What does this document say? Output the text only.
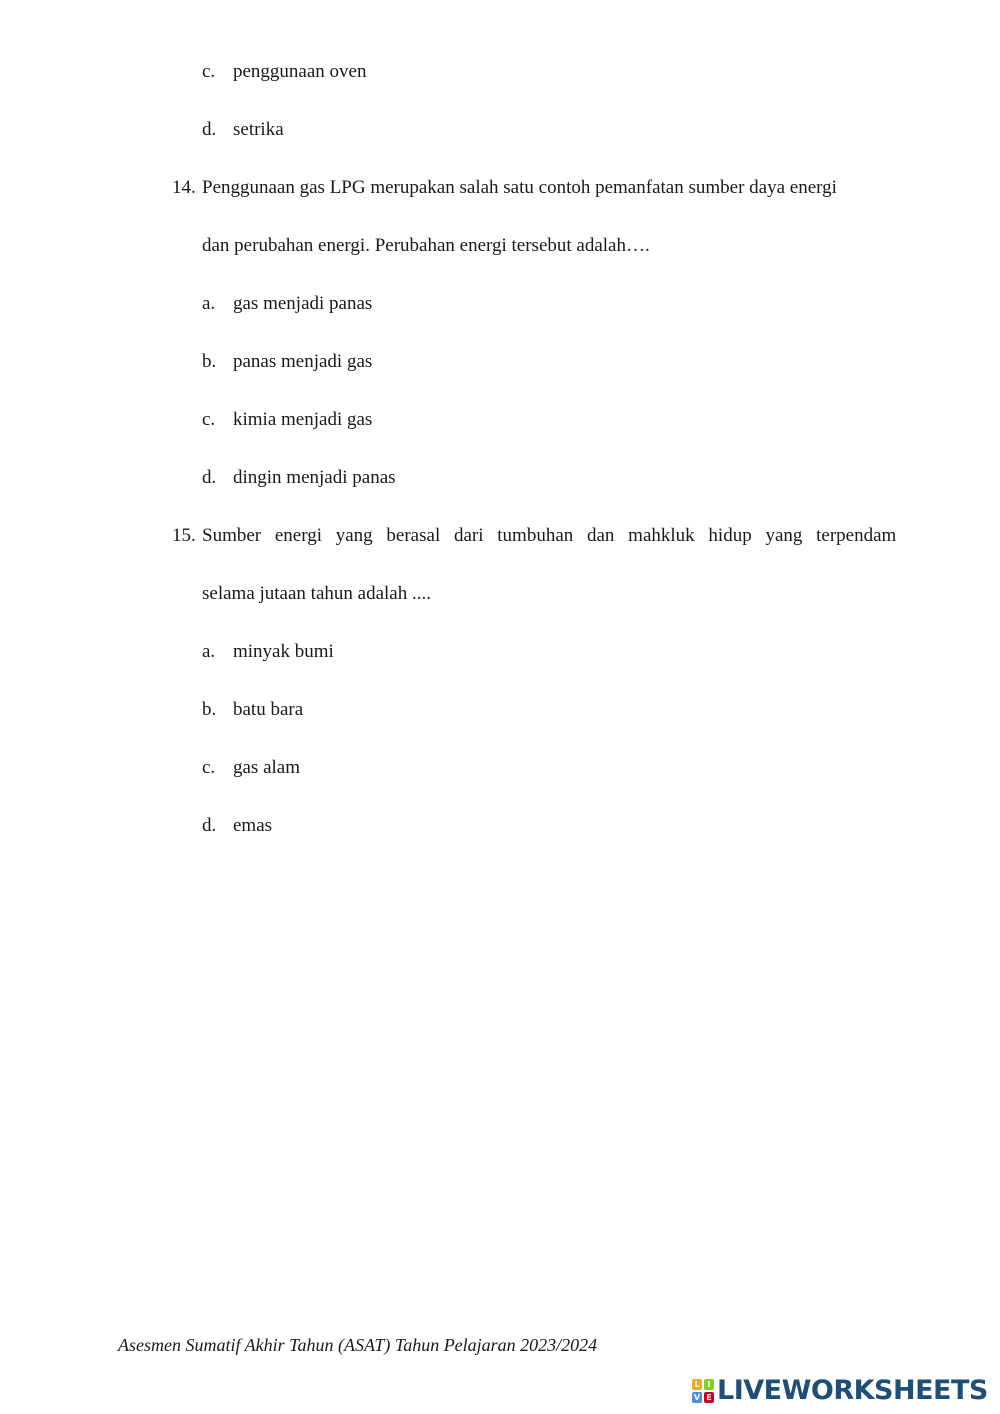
c. penggunaan oven
d. setrika
14. Penggunaan gas LPG merupakan salah satu contoh pemanfatan sumber daya energi
dan perubahan energi. Perubahan energi tersebut adalah….
a. gas menjadi panas
b. panas menjadi gas
c. kimia menjadi gas
d. dingin menjadi panas
15. Sumber energi yang berasal dari tumbuhan dan mahkluk hidup yang terpendam
selama jutaan tahun adalah ....
a. minyak bumi
b. batu bara
c. gas alam
d. emas
Asesmen Sumatif Akhir Tahun (ASAT) Tahun Pelajaran 2023/2024
L I
V E LIVEWORKSHEETS
